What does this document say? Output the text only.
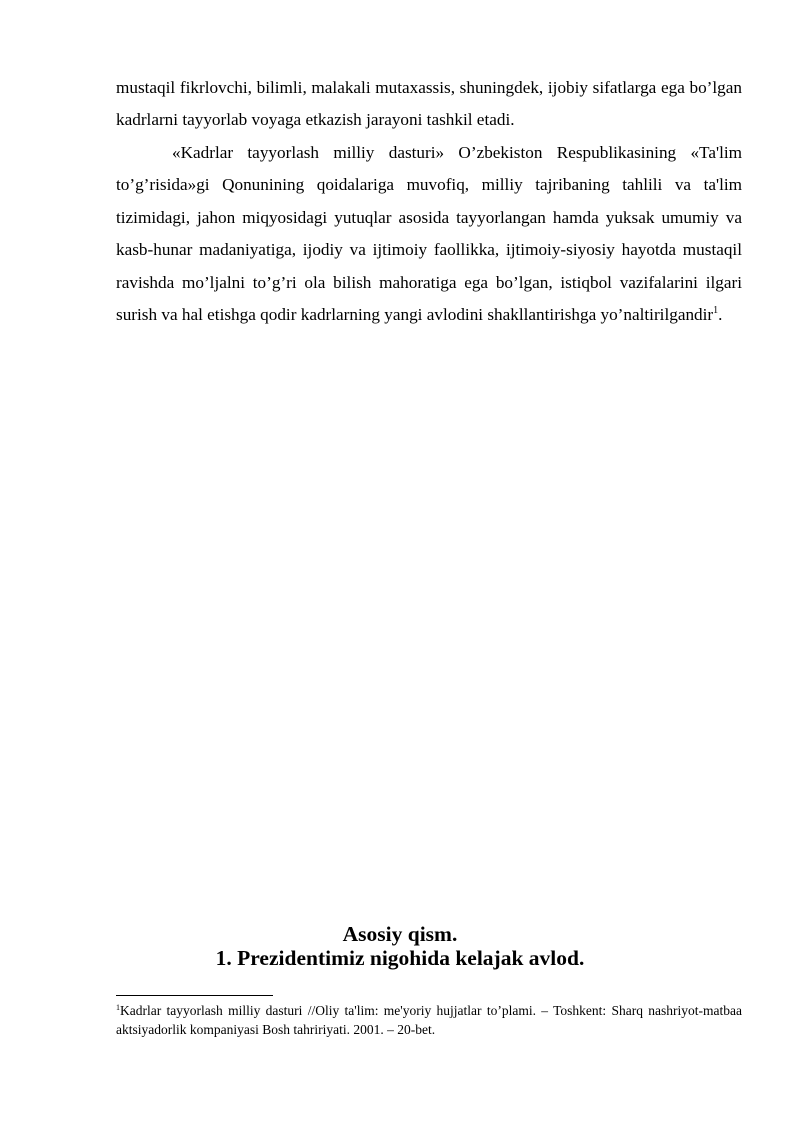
mustaqil fikrlovchi, bilimli, malakali mutaxassis, shuningdek, ijobiy sifatlarga ega bo’lgan kadrlarni tayyorlab voyaga etkazish jarayoni tashkil etadi.
«Kadrlar tayyorlash milliy dasturi» O’zbekiston Respublikasining «Ta'lim to’g’risida»gi Qonunining qoidalariga muvofiq, milliy tajribaning tahlili va ta'lim tizimidagi, jahon miqyosidagi yutuqlar asosida tayyorlangan hamda yuksak umumiy va kasb-hunar madaniyatiga, ijodiy va ijtimoiy faollikka, ijtimoiy-siyosiy hayotda mustaqil ravishda mo’ljalni to’g’ri ola bilish mahoratiga ega bo’lgan, istiqbol vazifalarini ilgari surish va hal etishga qodir kadrlarning yangi avlodini shakllantirishga yo’naltirilgandir$^1$.
Asosiy qism.
1. Prezidentimiz nigohida kelajak avlod.
$^1$Kadrlar tayyorlash milliy dasturi //Oliy ta'lim: me'yoriy hujjatlar to’plami. – Toshkent: Sharq nashriyot-matbaa aktsiyadorlik kompaniyasi Bosh tahririyati. 2001. – 20-bet.
